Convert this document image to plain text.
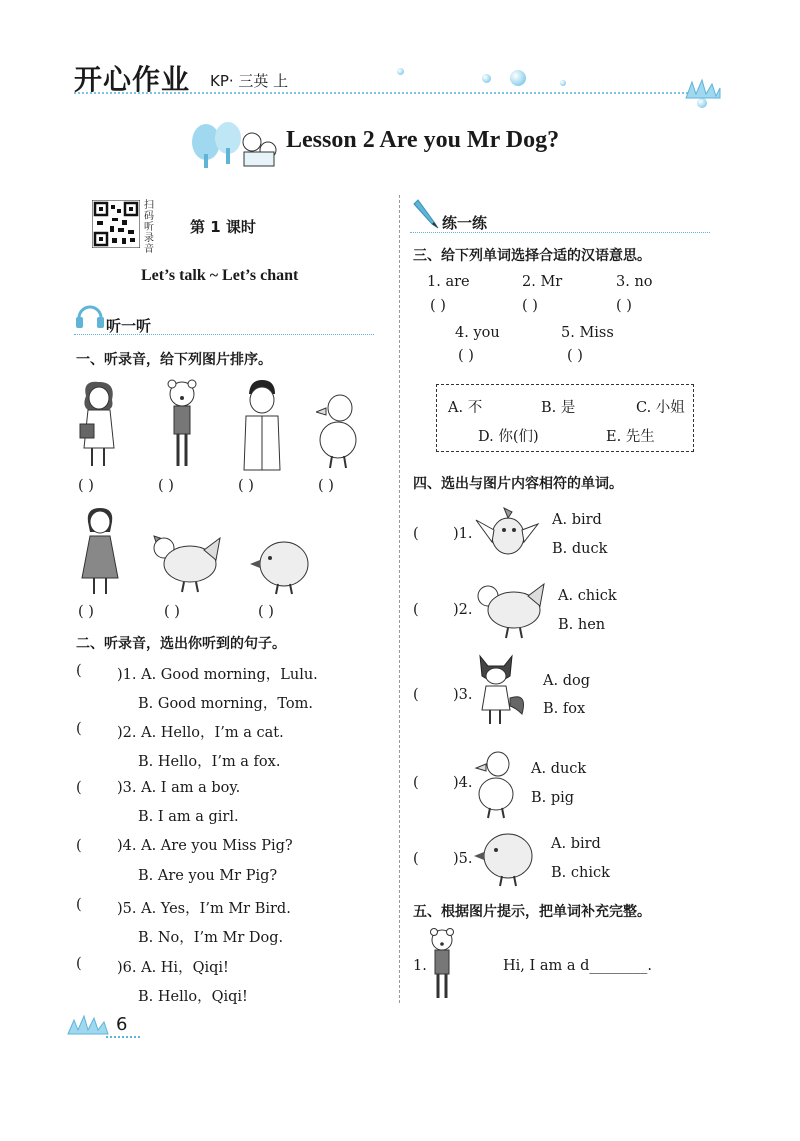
开心作业 KP· 三英 上
Lesson 2 Are you Mr Dog?
扫码听录音
第 1 课时
Let’s talk ~ Let’s chant
听一听
一、听录音，给下列图片排序。
( )	( )	( )	( )
( )	( )	( )
二、听录音，选出你听到的句子。
( )1. A. Good morning，Lulu.
B. Good morning，Tom.
( )2. A. Hello，I’m a cat.
B. Hello，I’m a fox.
( )3. A. I am a boy.
B. I am a girl.
( )4. A. Are you Miss Pig?
B. Are you Mr Pig?
( )5. A. Yes，I’m Mr Bird.
B. No，I’m Mr Dog.
( )6. A. Hi，Qiqi!
B. Hello，Qiqi!
6
练一练
三、给下列单词选择合适的汉语意思。
1. are	2. Mr	3. no
( )	( )	( )
4. you	5. Miss
( )	( )
A. 不	B. 是	C. 小姐
D. 你(们)	E. 先生
四、选出与图片内容相符的单词。
( )1.
A. bird
B. duck
( )2.
A. chick
B. hen
( )3.
A. dog
B. fox
( )4.
A. duck
B. pig
( )5.
A. bird
B. chick
五、根据图片提示，把单词补充完整。
1.	Hi, I am a d________.
